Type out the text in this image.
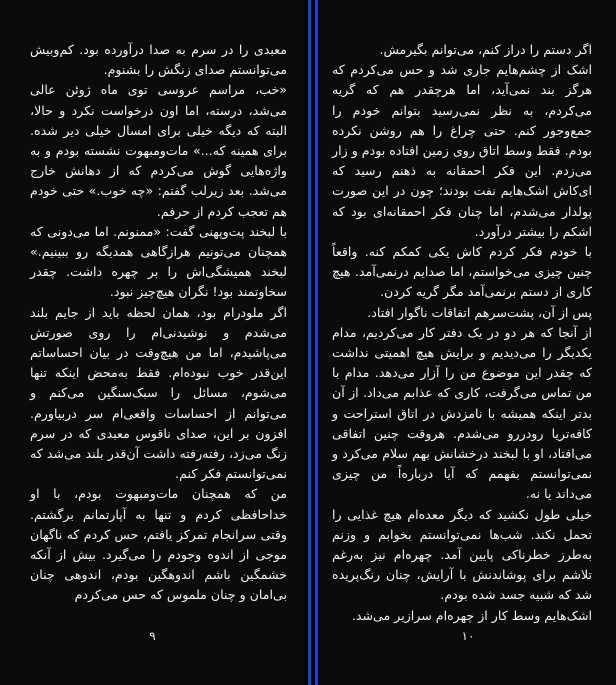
معبدی را در سرم به صدا درآورده بود. کم‌وبیش می‌توانستم صدای زنگش را بشنوم.

«خب، مراسم عروسی توی ماه ژوئن عالی می‌شد، درسته، اما اون درخواست نکرد و حالا، البته که دیگه خیلی برای امسال خیلی دیر شده. برای همینه که...» مات‌ومبهوت نشسته بودم و به واژه‌هایی گوش می‌کردم که از دهانش خارج می‌شد. بعد زیرلب گفتم: «چه خوب.» حتی خودم هم تعجب کردم از حرفم.

با لبخند پت‌وپهنی گفت: «ممنونم. اما می‌دونی که همچنان می‌تونیم هرازگاهی همدیگه رو ببینیم.» لبخند همیشگی‌اش را بر چهره داشت. چقدر سخاوتمند بود! نگران هیچ‌چیز نبود.

اگر ملودرام بود، همان لحظه باید از جایم بلند می‌شدم و نوشیدنی‌ام را روی صورتش می‌پاشیدم، اما من هیچ‌وقت در بیان احساساتم این‌قدر خوب نبوده‌ام. فقط به‌محض اینکه تنها می‌شوم، مسائل را سبک‌سنگین می‌کنم و می‌توانم از احساسات واقعی‌ام سر دربیاورم. افزون بر این، صدای ناقوس معبدی که در سرم زنگ می‌زد، رفته‌رفته داشت آن‌قدر بلند می‌شد که نمی‌توانستم فکر کنم.

من که همچنان مات‌ومبهوت بودم، با او خداحافظی کردم و تنها به آپارتمانم برگشتم. وقتی سرانجام تمرکز یافتم، حس کردم که ناگهان موجی از اندوه وجودم را می‌گیرد. بیش از آنکه خشمگین باشم اندوهگین بودم، اندوهی چنان بی‌امان و چنان ملموس که حس می‌کردم

۹

اگر دستم را دراز کنم، می‌توانم بگیرمش.

اشک از چشم‌هایم جاری شد و حس می‌کردم که هرگز بند نمی‌آید، اما هرچقدر هم که گریه می‌کردم، به نظر نمی‌رسید بتوانم خودم را جمع‌وجور کنم. حتی چراغ را هم روشن نکرده بودم. فقط وسط اتاق روی زمین افتاده بودم و زار می‌زدم. این فکر احمقانه به ذهنم رسید که ای‌کاش اشک‌هایم نفت بودند؛ چون در این صورت پولدار می‌شدم، اما چنان فکر احمقانه‌ای بود که اشکم را بیشتر درآورد.

با خودم فکر کردم کاش یکی کمکم کنه. واقعاً چنین چیزی می‌خواستم، اما صدایم درنمی‌آمد. هیچ کاری از دستم برنمی‌آمد مگر گریه کردن.

پس از آن، پشت‌سرهم اتفاقات ناگوار افتاد.

از آنجا که هر دو در یک دفتر کار می‌کردیم، مدام یکدیگر را می‌دیدیم و برایش هیچ اهمیتی نداشت که چقدر این موضوع من را آزار می‌دهد. مدام با من تماس می‌گرفت، کاری که عذابم می‌داد. از آن بدتر اینکه همیشه با نامزدش در اتاق استراحت و کافه‌تریا رودررو می‌شدم. هروقت چنین اتفاقی می‌افتاد، او با لبخند درخشانش بهم سلام می‌کرد و نمی‌توانستم بفهمم که آیا درباره‌اً من چیزی می‌داند یا نه.

خیلی طول نکشید که دیگر معده‌ام هیچ غذایی را تحمل نکند. شب‌ها نمی‌توانستم بخوابم و وزنم به‌طرز خطرناکی پایین آمد. چهره‌ام نیز به‌رغم تلاشم برای پوشاندنش با آرایش، چنان رنگ‌پریده شد که شبیه جسد شده بودم.

اشک‌هایم وسط کار از چهره‌ام سرازیر می‌شد.

۱۰
